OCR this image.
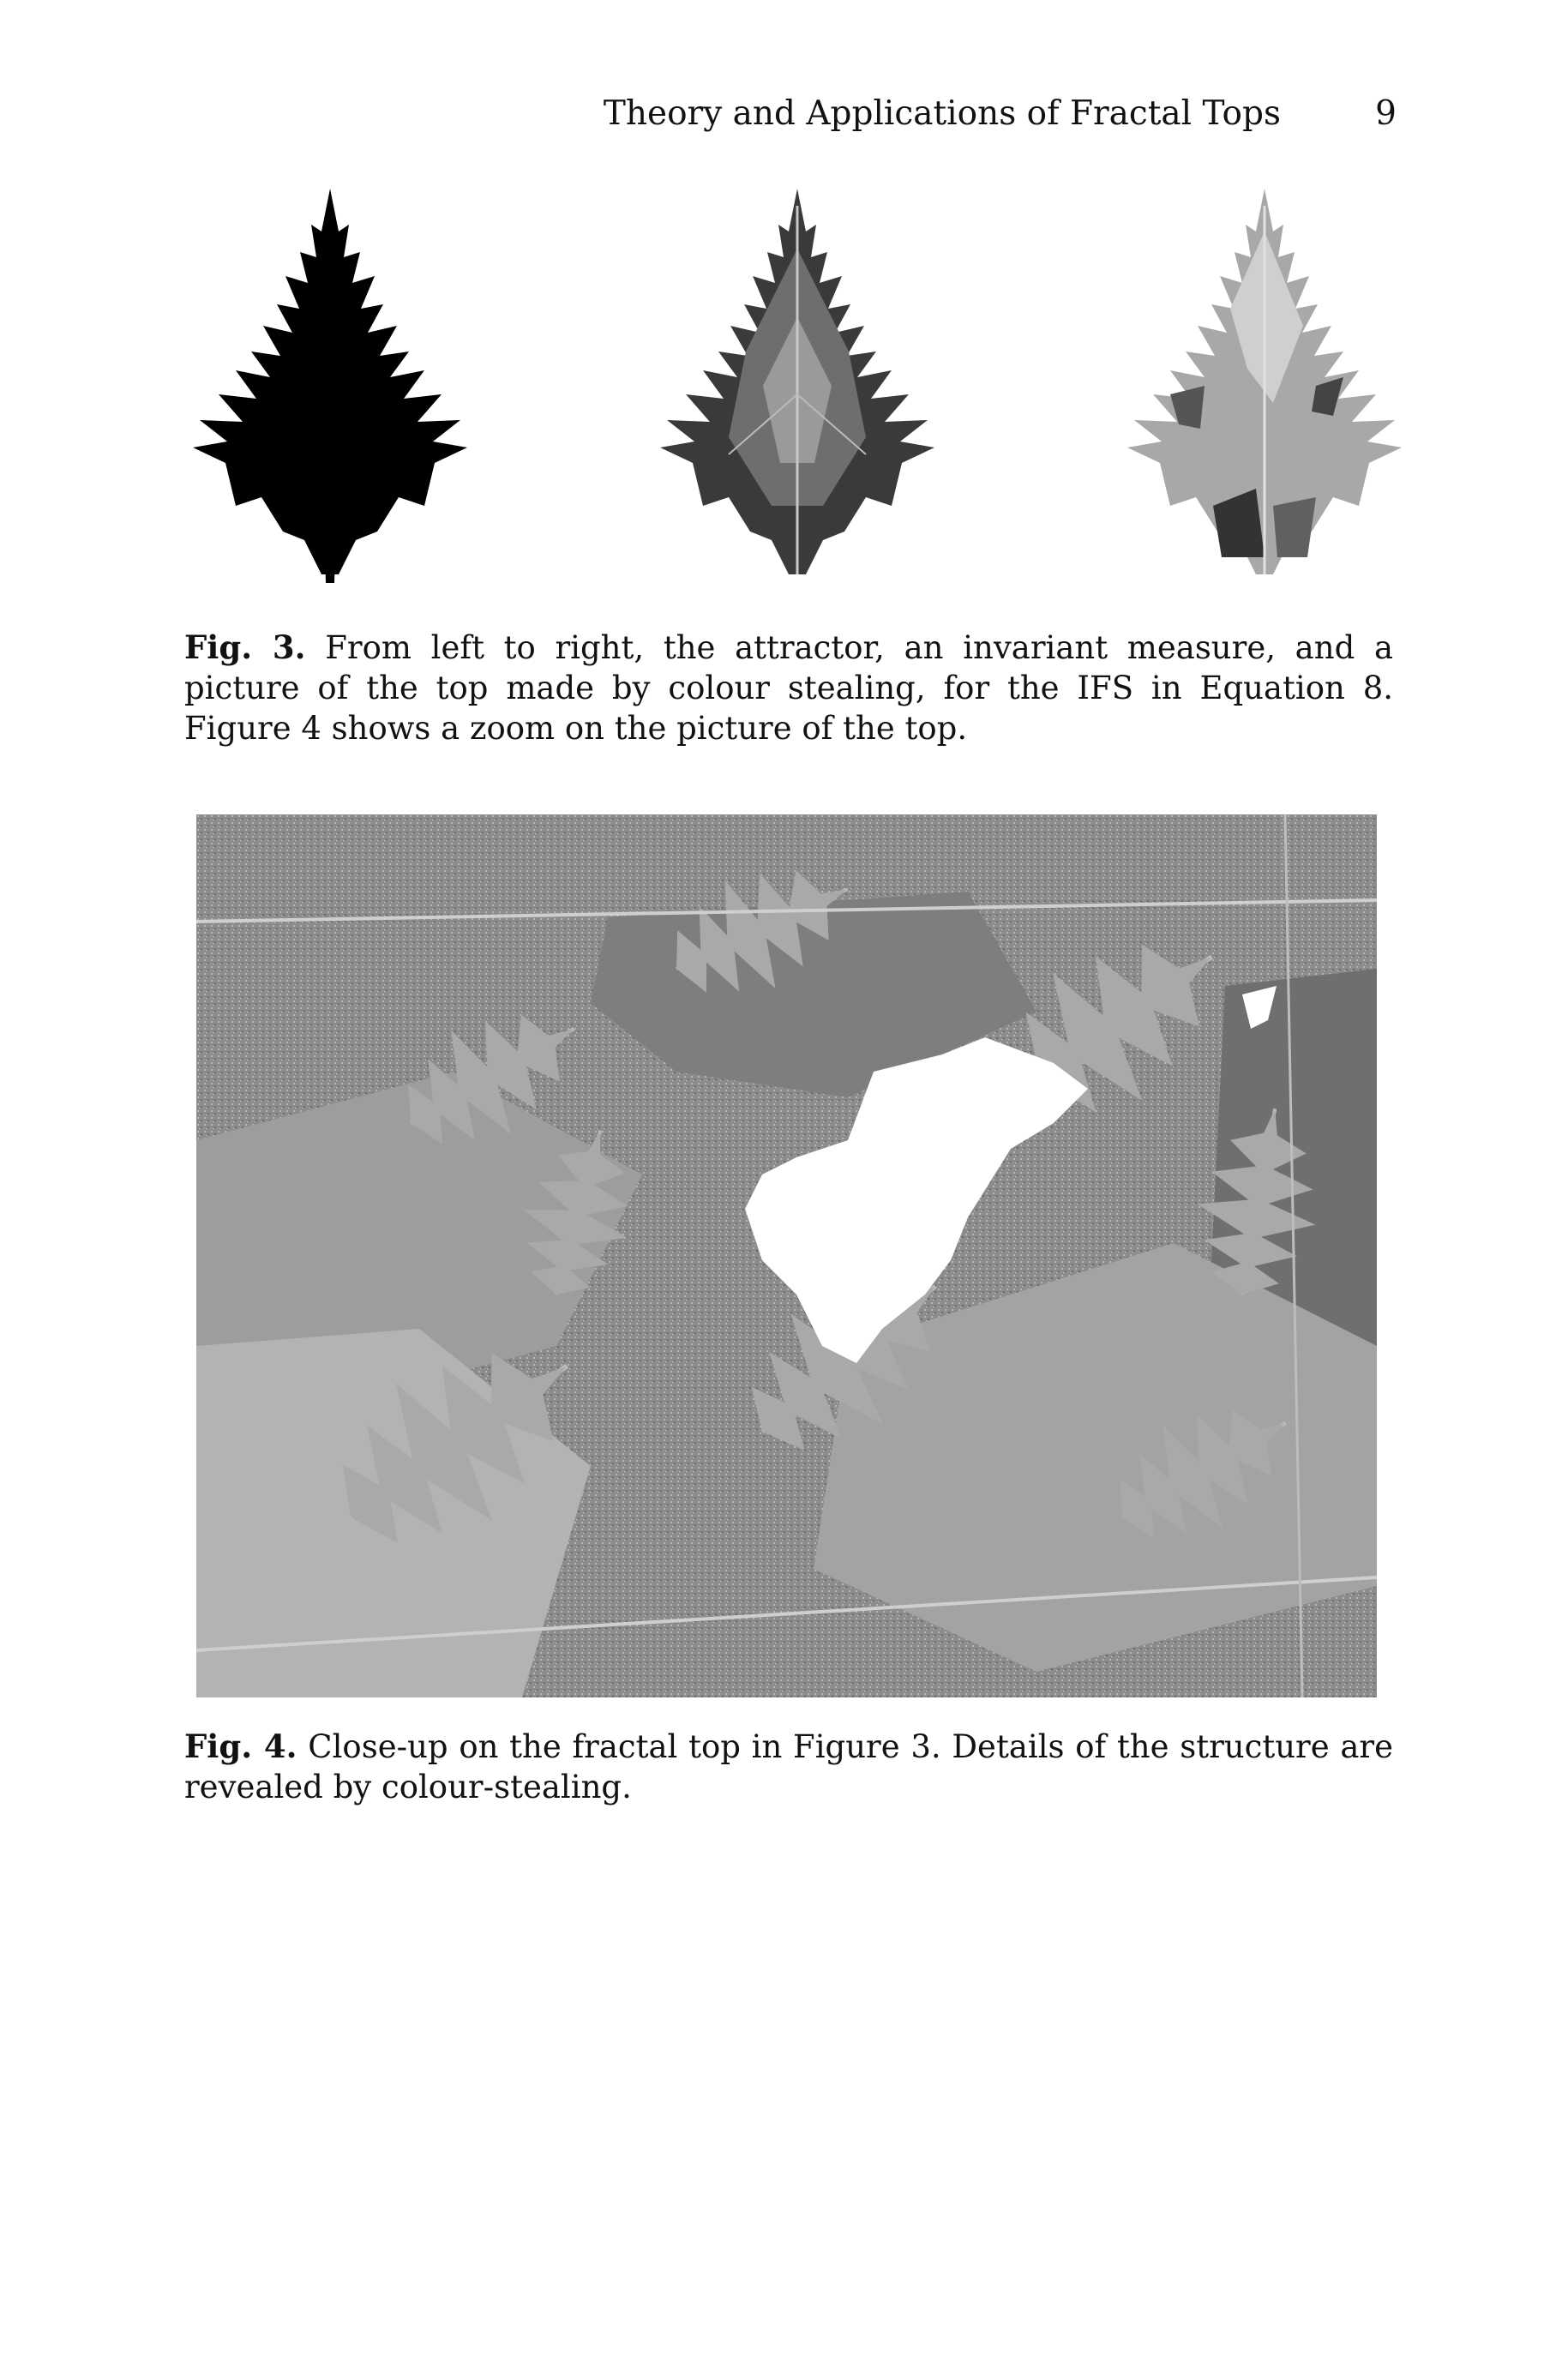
Theory and Applications of Fractal Tops	9
Fig. 3. From left to right, the attractor, an invariant measure, and a picture of the top made by colour stealing, for the IFS in Equation 8. Figure 4 shows a zoom on the picture of the top.
Fig. 4. Close-up on the fractal top in Figure 3. Details of the structure are revealed by colour-stealing.
